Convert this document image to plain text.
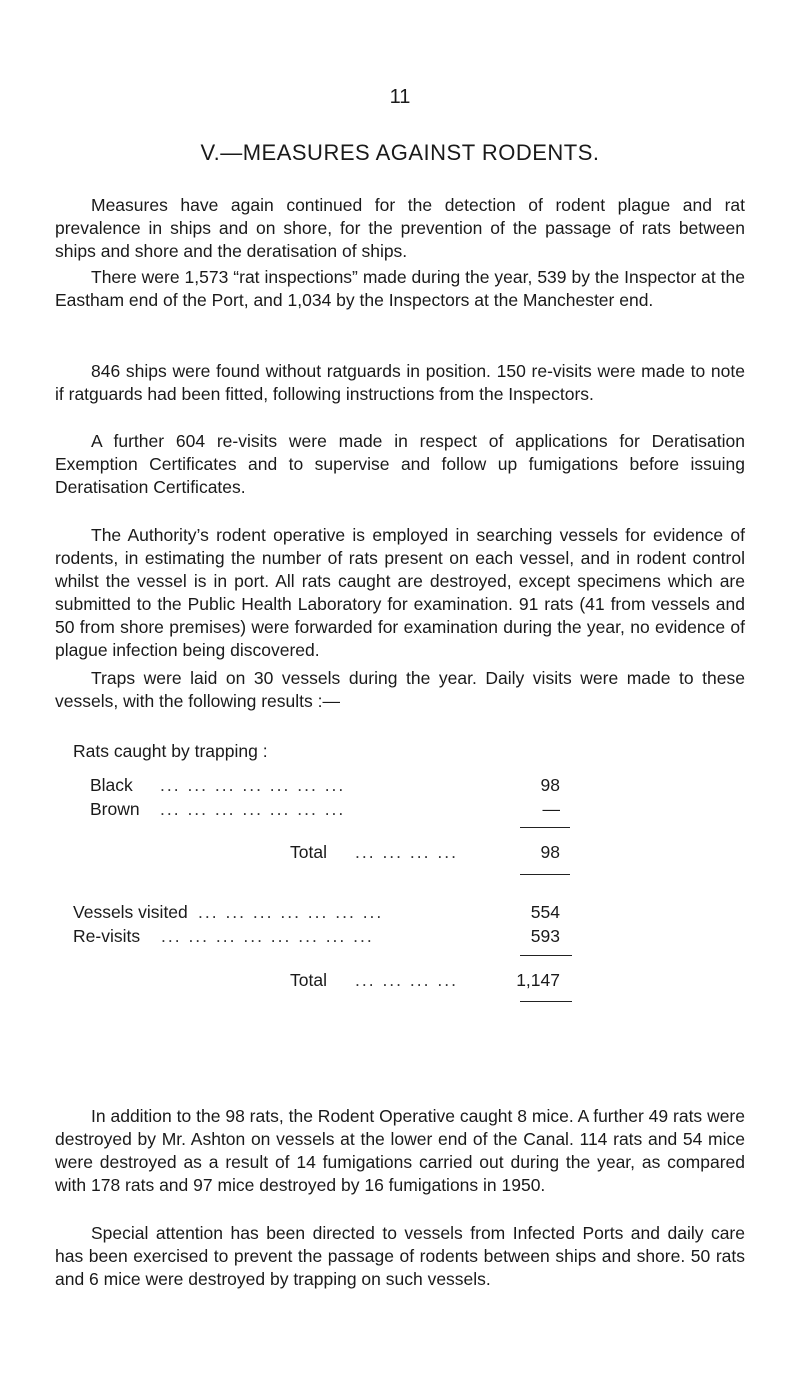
11
V.—MEASURES AGAINST RODENTS.

Measures have again continued for the detection of rodent plague and rat prevalence in ships and on shore, for the prevention of the passage of rats between ships and shore and the deratisation of ships.

There were 1,573 “rat inspections” made during the year, 539 by the Inspector at the Eastham end of the Port, and 1,034 by the Inspectors at the Manchester end.

846 ships were found without ratguards in position. 150 re-visits were made to note if ratguards had been fitted, following instructions from the Inspectors.

A further 604 re-visits were made in respect of applications for Deratisation Exemption Certificates and to supervise and follow up fumigations before issuing Deratisation Certificates.

The Authority’s rodent operative is employed in searching vessels for evidence of rodents, in estimating the number of rats present on each vessel, and in rodent control whilst the vessel is in port. All rats caught are destroyed, except specimens which are submitted to the Public Health Laboratory for examination. 91 rats (41 from vessels and 50 from shore premises) were forwarded for examination during the year, no evidence of plague infection being discovered.

Traps were laid on 30 vessels during the year. Daily visits were made to these vessels, with the following results :—

Rats caught by trapping :
Black ... ... ... ... ... ... ...	98
Brown ... ... ... ... ... ... ...	—
Total ... ... ... ...	98
Vessels visited ... ... ... ... ... ... ...	554
Re-visits ... ... ... ... ... ... ... ...	593
Total ... ... ... ...	1,147

In addition to the 98 rats, the Rodent Operative caught 8 mice. A further 49 rats were destroyed by Mr. Ashton on vessels at the lower end of the Canal. 114 rats and 54 mice were destroyed as a result of 14 fumigations carried out during the year, as compared with 178 rats and 97 mice destroyed by 16 fumigations in 1950.

Special attention has been directed to vessels from Infected Ports and daily care has been exercised to prevent the passage of rodents between ships and shore. 50 rats and 6 mice were destroyed by trapping on such vessels.
